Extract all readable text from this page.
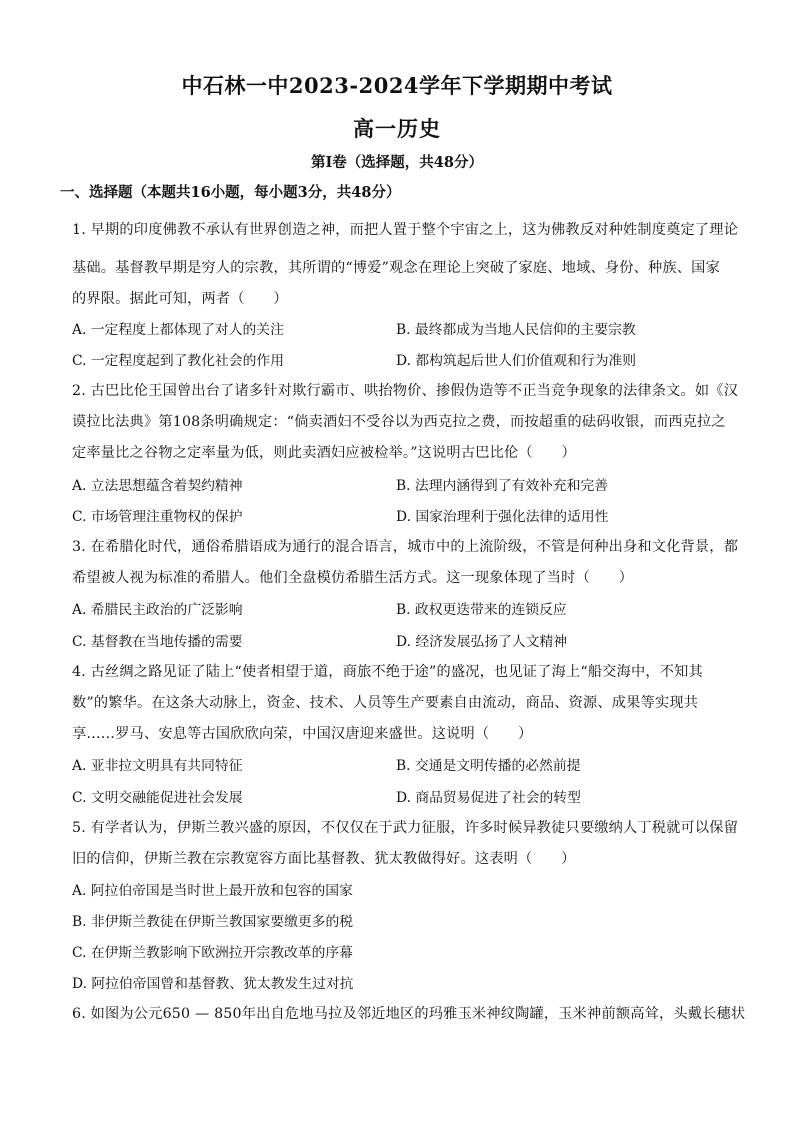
中石林一中2023-2024学年下学期期中考试
高一历史
第Ⅰ卷（选择题，共48分）
一、选择题（本题共16小题，每小题3分，共48分）
1. 早期的印度佛教不承认有世界创造之神，而把人置于整个宇宙之上，这为佛教反对种姓制度奠定了理论
基础。基督教早期是穷人的宗教，其所谓的“博爱”观念在理论上突破了家庭、地域、身份、种族、国家
的界限。据此可知，两者（　　）
A. 一定程度上都体现了对人的关注	B. 最终都成为当地人民信仰的主要宗教
C. 一定程度起到了教化社会的作用	D. 都构筑起后世人们价值观和行为准则
2. 古巴比伦王国曾出台了诸多针对欺行霸市、哄抬物价、掺假伪造等不正当竞争现象的法律条文。如《汉
谟拉比法典》第108条明确规定：“倘卖酒妇不受谷以为西克拉之费，而按超重的砝码收银，而西克拉之
定率量比之谷物之定率量为低，则此卖酒妇应被检举。”这说明古巴比伦（　　）
A. 立法思想蕴含着契约精神	B. 法理内涵得到了有效补充和完善
C. 市场管理注重物权的保护	D. 国家治理利于强化法律的适用性
3. 在希腊化时代，通俗希腊语成为通行的混合语言，城市中的上流阶级，不管是何种出身和文化背景，都
希望被人视为标准的希腊人。他们全盘模仿希腊生活方式。这一现象体现了当时（　　）
A. 希腊民主政治的广泛影响	B. 政权更迭带来的连锁反应
C. 基督教在当地传播的需要	D. 经济发展弘扬了人文精神
4. 古丝绸之路见证了陆上“使者相望于道，商旅不绝于途”的盛况，也见证了海上“船交海中，不知其
数”的繁华。在这条大动脉上，资金、技术、人员等生产要素自由流动，商品、资源、成果等实现共
享……罗马、安息等古国欣欣向荣，中国汉唐迎来盛世。这说明（　　）
A. 亚非拉文明具有共同特征	B. 交通是文明传播的必然前提
C. 文明交融能促进社会发展	D. 商品贸易促进了社会的转型
5. 有学者认为，伊斯兰教兴盛的原因，不仅仅在于武力征服，许多时候异教徒只要缴纳人丁税就可以保留
旧的信仰，伊斯兰教在宗教宽容方面比基督教、犹太教做得好。这表明（　　）
A. 阿拉伯帝国是当时世上最开放和包容的国家
B. 非伊斯兰教徒在伊斯兰教国家要缴更多的税
C. 在伊斯兰教影响下欧洲拉开宗教改革的序幕
D. 阿拉伯帝国曾和基督教、犹太教发生过对抗
6. 如图为公元650 — 850年出自危地马拉及邻近地区的玛雅玉米神纹陶罐，玉米神前额高耸，头戴长穗状
